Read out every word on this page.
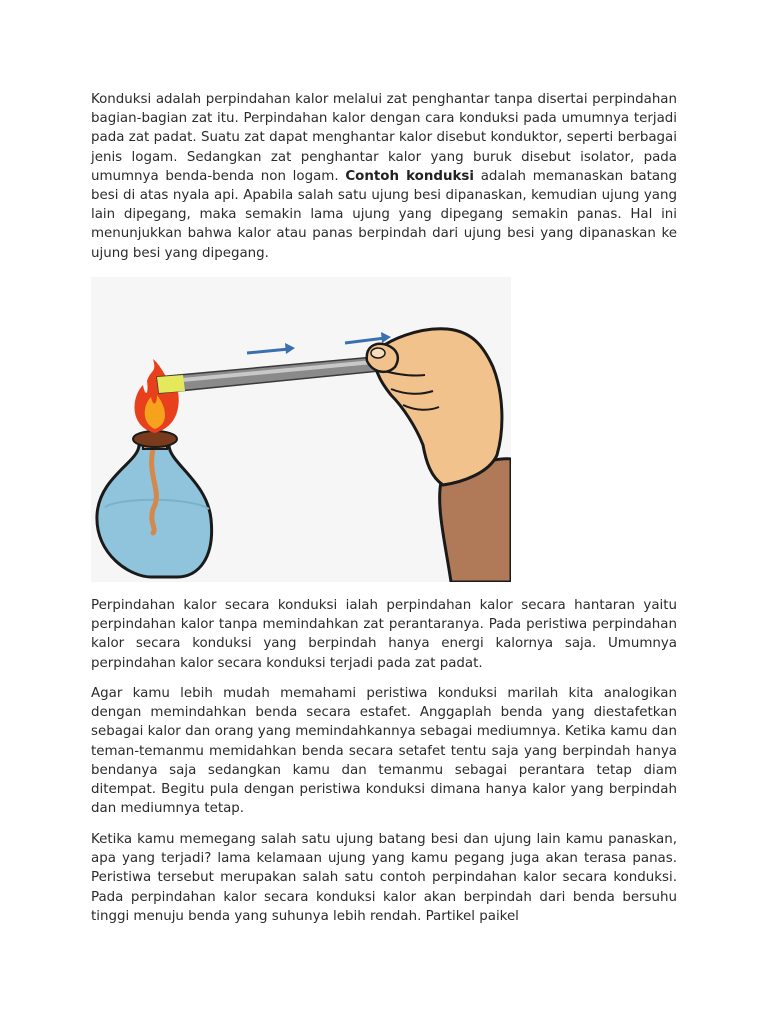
Konduksi adalah perpindahan kalor melalui zat penghantar tanpa disertai perpindahan bagian-bagian zat itu. Perpindahan kalor dengan cara konduksi pada umumnya terjadi pada zat padat. Suatu zat dapat menghantar kalor disebut konduktor, seperti berbagai jenis logam. Sedangkan zat penghantar kalor yang buruk disebut isolator, pada umumnya benda-benda non logam. Contoh konduksi adalah memanaskan batang besi di atas nyala api. Apabila salah satu ujung besi dipanaskan, kemudian ujung yang lain dipegang, maka semakin lama ujung yang dipegang semakin panas. Hal ini menunjukkan bahwa kalor atau panas berpindah dari ujung besi yang dipanaskan ke ujung besi yang dipegang.

Perpindahan kalor secara konduksi ialah perpindahan kalor secara hantaran yaitu perpindahan kalor tanpa memindahkan zat perantaranya. Pada peristiwa perpindahan kalor secara konduksi yang berpindah hanya energi kalornya saja. Umumnya perpindahan kalor secara konduksi terjadi pada zat padat.

Agar kamu lebih mudah memahami peristiwa konduksi marilah kita analogikan dengan memindahkan benda secara estafet. Anggaplah benda yang diestafetkan sebagai kalor dan orang yang memindahkannya sebagai mediumnya. Ketika kamu dan teman-temanmu memidahkan benda secara setafet tentu saja yang berpindah hanya bendanya saja sedangkan kamu dan temanmu sebagai perantara tetap diam ditempat. Begitu pula dengan peristiwa konduksi dimana hanya kalor yang berpindah dan mediumnya tetap.

Ketika kamu memegang salah satu ujung batang besi dan ujung lain kamu panaskan, apa yang terjadi? lama kelamaan ujung yang kamu pegang juga akan terasa panas. Peristiwa tersebut merupakan salah satu contoh perpindahan kalor secara konduksi. Pada perpindahan kalor secara konduksi kalor akan berpindah dari benda bersuhu tinggi menuju benda yang suhunya lebih rendah. Partikel paikel
